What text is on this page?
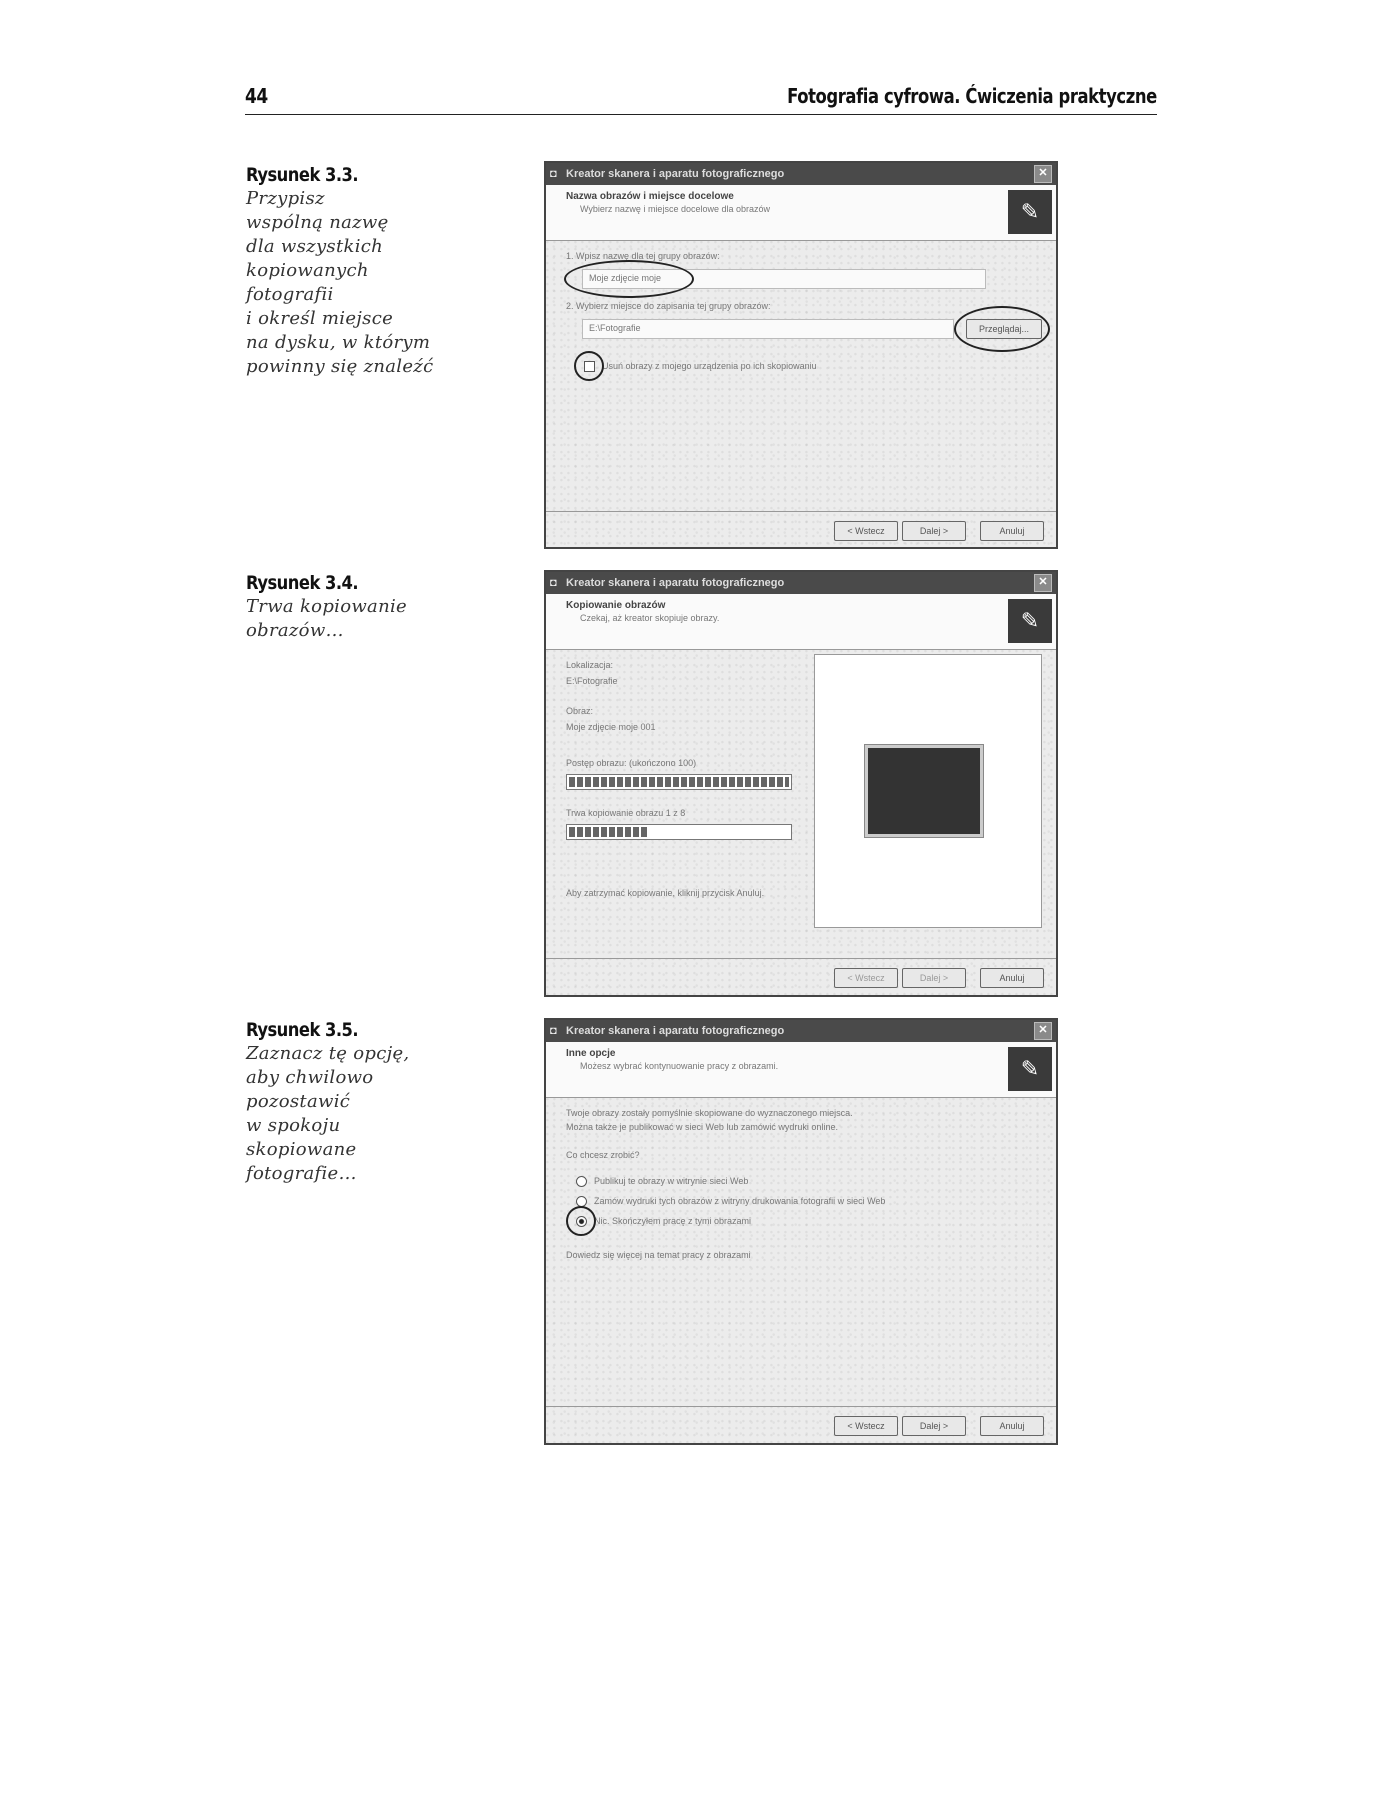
44	Fotografia cyfrowa. Ćwiczenia praktyczne
Rysunek 3.3.
Przypisz
wspólną nazwę
dla wszystkich
kopiowanych
fotografii
i określ miejsce
na dysku, w którym
powinny się znaleźć
◘ Kreator skanera i aparatu fotograficznego	✕
Nazwa obrazów i miejsce docelowe
Wybierz nazwę i miejsce docelowe dla obrazów	✎
1. Wpisz nazwę dla tej grupy obrazów:
Moje zdjęcie moje
2. Wybierz miejsce do zapisania tej grupy obrazów:
E:\Fotografie	Przeglądaj...
Usuń obrazy z mojego urządzenia po ich skopiowaniu
< Wstecz	Dalej >	Anuluj
Rysunek 3.4.
Trwa kopiowanie
obrazów…
◘ Kreator skanera i aparatu fotograficznego	✕
Kopiowanie obrazów
Czekaj, aż kreator skopiuje obrazy.	✎
Lokalizacja:
E:\Fotografie
Obraz:
Moje zdjęcie moje 001
Postęp obrazu: (ukończono 100)
Trwa kopiowanie obrazu 1 z 8
Aby zatrzymać kopiowanie, kliknij przycisk Anuluj.
< Wstecz	Dalej >	Anuluj
Rysunek 3.5.
Zaznacz tę opcję,
aby chwilowo
pozostawić
w spokoju
skopiowane
fotografie…
◘ Kreator skanera i aparatu fotograficznego	✕
Inne opcje
Możesz wybrać kontynuowanie pracy z obrazami.	✎
Twoje obrazy zostały pomyślnie skopiowane do wyznaczonego miejsca.
Można także je publikować w sieci Web lub zamówić wydruki online.
Co chcesz zrobić?
Publikuj te obrazy w witrynie sieci Web
Zamów wydruki tych obrazów z witryny drukowania fotografii w sieci Web
Nic. Skończyłem pracę z tymi obrazami
Dowiedz się więcej na temat pracy z obrazami
< Wstecz	Dalej >	Anuluj
